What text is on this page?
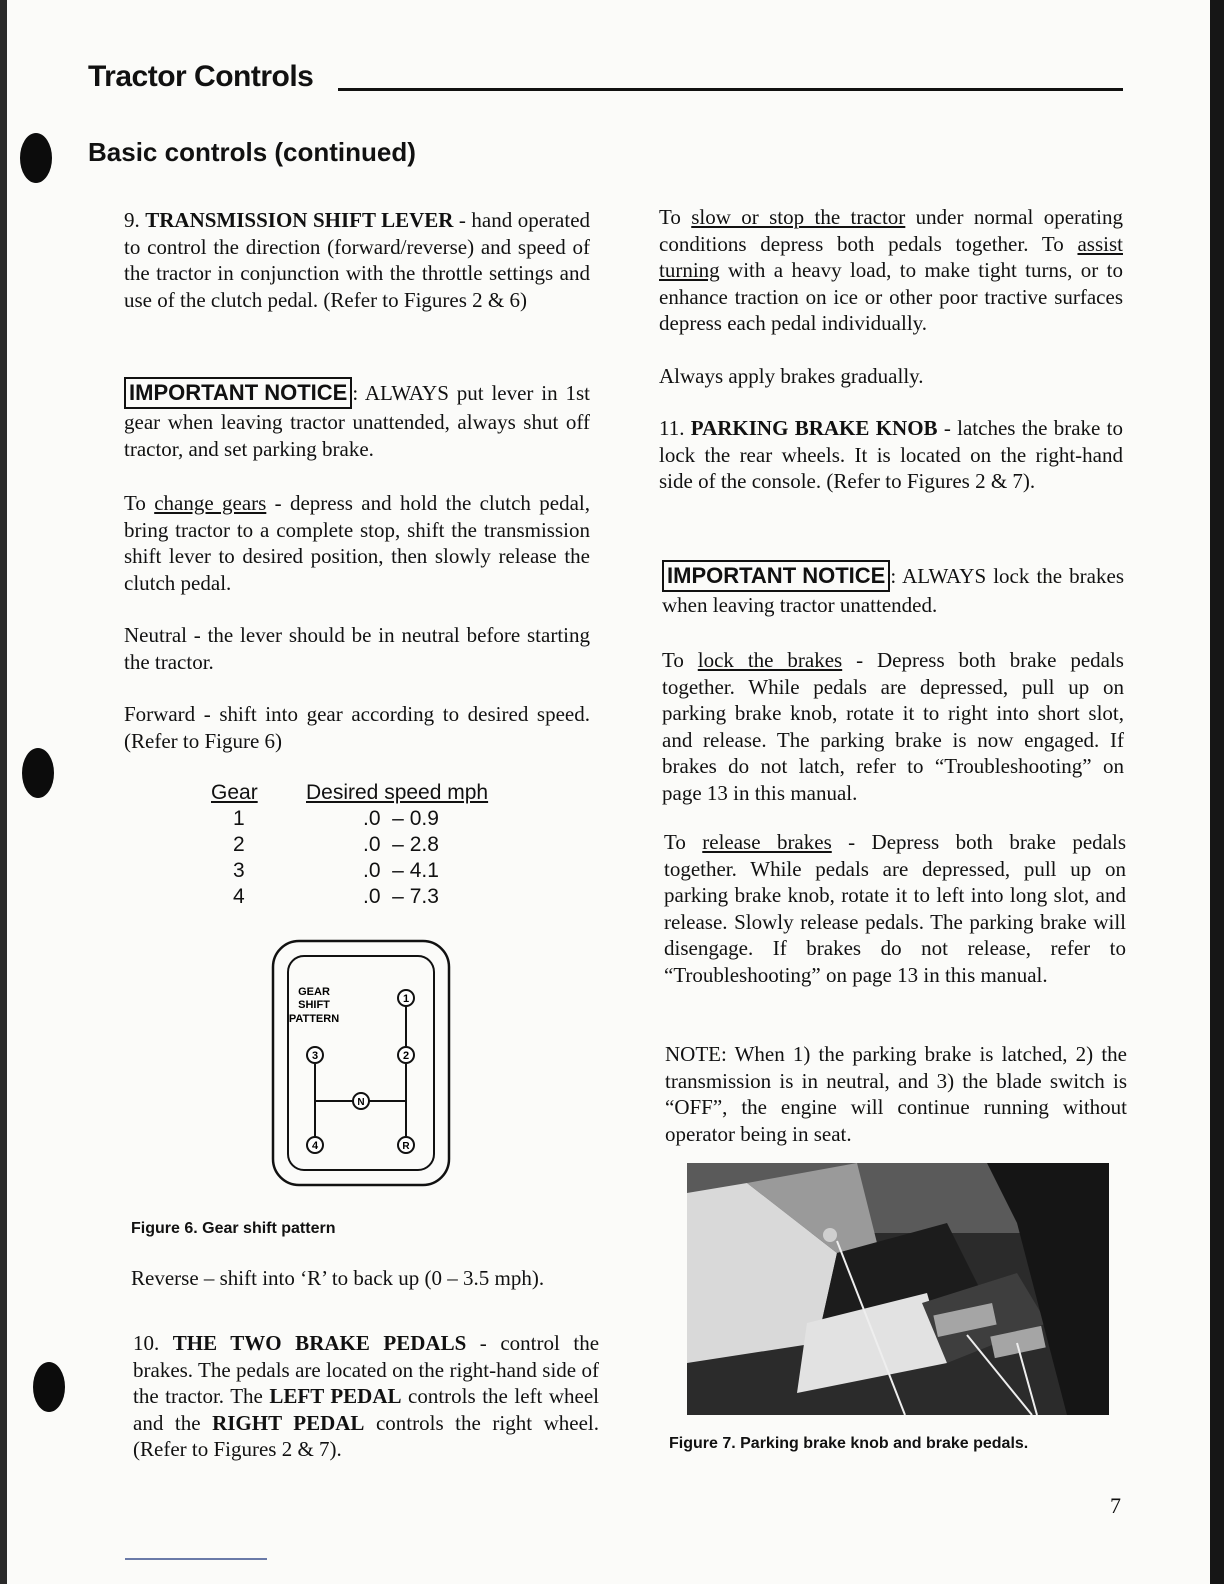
Tractor Controls
Basic controls (continued)
9. TRANSMISSION SHIFT LEVER - hand operated to control the direction (forward/reverse) and speed of the tractor in conjunction with the throttle settings and use of the clutch pedal. (Refer to Figures 2 & 6)
IMPORTANT NOTICE : ALWAYS put lever in 1st gear when leaving tractor unattended, always shut off tractor, and set parking brake.
To change gears - depress and hold the clutch pedal, bring tractor to a complete stop, shift the transmission shift lever to desired position, then slowly release the clutch pedal.
Neutral - the lever should be in neutral before starting the tractor.
Forward - shift into gear according to desired speed. (Refer to Figure 6)
Gear Desired speed mph
1	.0  – 0.9
2	.0  – 2.8
3	.0  – 4.1
4	.0  – 7.3
GEAR
SHIFT
PATTERN
1
2
3
N
4	R
Figure 6. Gear shift pattern
Reverse – shift into ‘R’ to back up (0 – 3.5 mph).
10. THE TWO BRAKE PEDALS - control the brakes. The pedals are located on the right-hand side of the tractor. The LEFT PEDAL controls the left wheel and the RIGHT PEDAL controls the right wheel. (Refer to Figures 2 & 7).
To slow or stop the tractor under normal operating conditions depress both pedals together. To assist turning with a heavy load, to make tight turns, or to enhance traction on ice or other poor tractive surfaces depress each pedal individually.
Always apply brakes gradually.
11. PARKING BRAKE KNOB - latches the brake to lock the rear wheels. It is located on the right-hand side of the console. (Refer to Figures 2 & 7).
IMPORTANT NOTICE : ALWAYS lock the brakes when leaving tractor unattended.
To lock the brakes - Depress both brake pedals together. While pedals are depressed, pull up on parking brake knob, rotate it to right into short slot, and release. The parking brake is now engaged. If brakes do not latch, refer to “Troubleshooting” on page 13 in this manual.
To release brakes - Depress both brake pedals together. While pedals are depressed, pull up on parking brake knob, rotate it to left into long slot, and release. Slowly release pedals. The parking brake will disengage. If brakes do not release, refer to “Troubleshooting” on page 13 in this manual.
NOTE: When 1) the parking brake is latched, 2) the transmission is in neutral, and 3) the blade switch is “OFF”, the engine will continue running without operator being in seat.
Figure 7. Parking brake knob and brake pedals.
7
